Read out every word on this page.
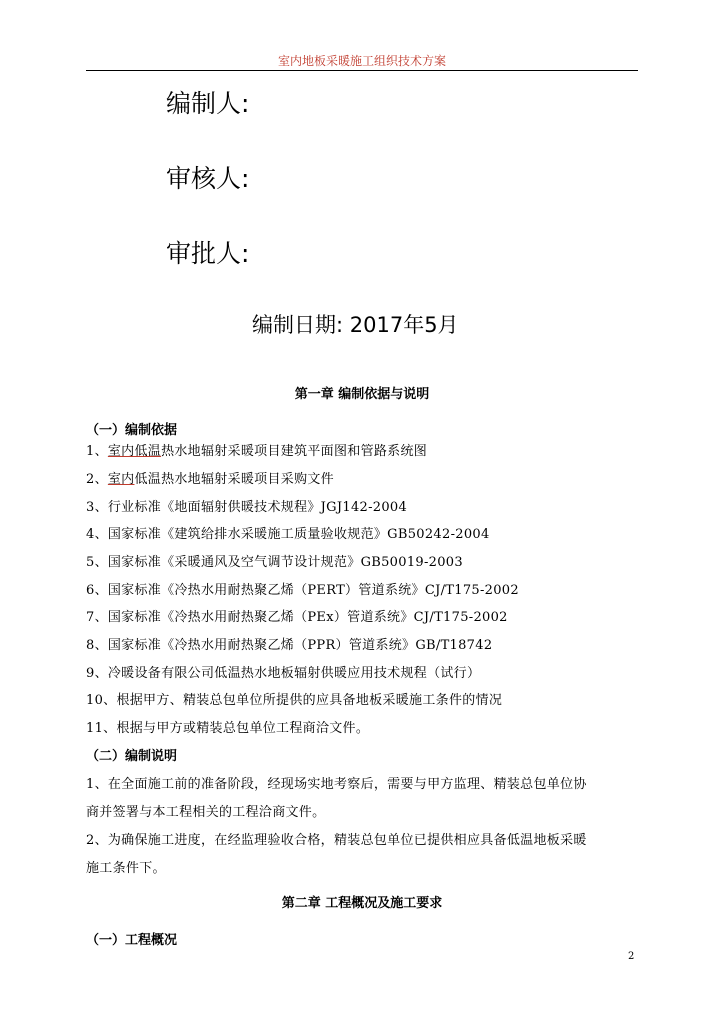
室内地板采暖施工组织技术方案
编制人:
审核人:
审批人:
编制日期: 2017年5月
第一章 编制依据与说明
（一）编制依据
1、室内低温热水地辐射采暖项目建筑平面图和管路系统图
2、室内低温热水地辐射采暖项目采购文件
3、行业标准《地面辐射供暖技术规程》JGJ142-2004
4、国家标准《建筑给排水采暖施工质量验收规范》GB50242-2004
5、国家标准《采暖通风及空气调节设计规范》GB50019-2003
6、国家标准《冷热水用耐热聚乙烯（PERT）管道系统》CJ/T175-2002
7、国家标准《冷热水用耐热聚乙烯（PEx）管道系统》CJ/T175-2002
8、国家标准《冷热水用耐热聚乙烯（PPR）管道系统》GB/T18742
9、冷暖设备有限公司低温热水地板辐射供暖应用技术规程（试行）
10、根据甲方、精装总包单位所提供的应具备地板采暖施工条件的情况
11、根据与甲方或精装总包单位工程商洽文件。
（二）编制说明
1、在全面施工前的准备阶段，经现场实地考察后，需要与甲方监理、精装总包单位协
商并签署与本工程相关的工程洽商文件。
2、为确保施工进度，在经监理验收合格，精装总包单位已提供相应具备低温地板采暖
施工条件下。
第二章 工程概况及施工要求
（一）工程概况
2
